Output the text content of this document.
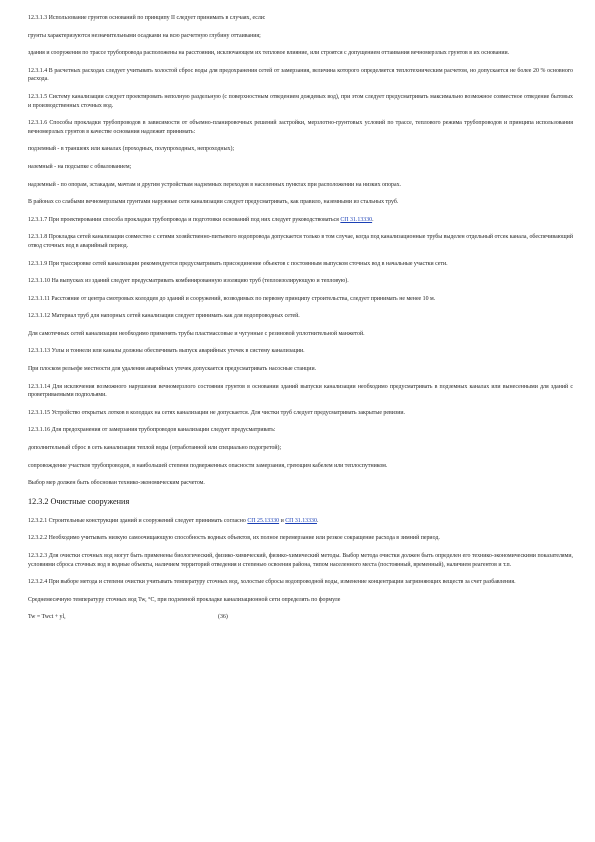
12.3.1.3 Использование грунтов оснований по принципу II следует принимать в случаях, если:
грунты характеризуются незначительными осадками на всю расчетную глубину оттаивания;
здания и сооружения по трассе трубопровода расположены на расстоянии, исключающем их тепловое влияние, или строятся с допущением оттаивания вечномерзлых грунтов в их основании.
12.3.1.4 В расчетных расходах следует учитывать холостой сброс воды для предохранения сетей от замерзания, величина которого определяется теплотехническим расчетом, но допускается не более 20 % основного расхода.
12.3.1.5 Систему канализации следует проектировать неполную раздельную (с поверхностным отведением дождевых вод), при этом следует предусматривать максимально возможное совместное отведение бытовых и производственных сточных вод.
12.3.1.6 Способы прокладки трубопроводов в зависимости от объемно-планировочных решений застройки, мерзлотно-грунтовых условий по трассе, теплового режима трубопроводов и принципа использования вечномерзлых грунтов в качестве основания надлежит принимать:
подземный - в траншеях или каналах (проходных, полупроходных, непроходных);
наземный - на подсыпке с обвалованием;
надземный - по опорам, эстакадам, мачтам и другим устройствам надземных переходов в населенных пунктах при расположении на низких опорах.
В районах со слабыми вечномерзлыми грунтами наружные сети канализации следует предусматривать, как правило, наземными из стальных труб.
12.3.1.7 При проектировании способа прокладки трубопровода и подготовки оснований под них следует руководствоваться СП 31.13330.
12.3.1.8 Прокладка сетей канализации совместно с сетями хозяйственно-питьевого водопровода допускается только в том случае, когда под канализационные трубы выделен отдельный отсек канала, обеспечивающий отвод сточных вод в аварийный период.
12.3.1.9 При трассировке сетей канализации рекомендуется предусматривать присоединение объектов с постоянным выпуском сточных вод в начальные участки сети.
12.3.1.10 На выпусках из зданий следует предусматривать комбинированную изоляцию труб (теплоизолирующую и тепловую).
12.3.1.11 Расстояние от центра смотровых колодцев до зданий и сооружений, возводимых по первому принципу строительства, следует принимать не менее 10 м.
12.3.1.12 Материал труб для напорных сетей канализации следует принимать как для водопроводных сетей.
Для самотечных сетей канализации необходимо применять трубы пластмассовые и чугунные с резиновой уплотнительной манжетой.
12.3.1.13 Узлы и тоннели или каналы должны обеспечивать выпуск аварийных утечек в систему канализации.
При плоском рельефе местности для удаления аварийных утечек допускается предусматривать насосные станции.
12.3.1.14 Для исключения возможного нарушения вечномерзлого состояния грунтов в основании зданий выпуски канализации необходимо предусматривать в подземных каналах или вынесенными для зданий с проветриваемыми подпольями.
12.3.1.15 Устройство открытых лотков в колодцах на сетях канализации не допускается. Для чистки труб следует предусматривать закрытые ревизии.
12.3.1.16 Для предохранения от замерзания трубопроводов канализации следует предусматривать:
дополнительный сброс в сеть канализации теплой воды (отработанной или специально подогретой);
сопровождение участков трубопроводов, в наибольшей степени подверженных опасности замерзания, греющим кабелем или теплоспутником.
Выбор мер должен быть обоснован технико-экономическим расчетом.
12.3.2 Очистные сооружения
12.3.2.1 Строительные конструкции зданий и сооружений следует принимать согласно СП 25.13330 и СП 31.13330.
12.3.2.2 Необходимо учитывать низкую самоочищающую способность водных объектов, их полное перемерзание или резкое сокращение расхода в зимний период.
12.3.2.3 Для очистки сточных вод могут быть применены биологический, физико-химический, физико-химический методы. Выбор метода очистки должен быть определен его технико-экономическими показателями, условиями сброса сточных вод в водные объекты, наличием территорий отведения и степенью освоения района, типом населенного места (постоянный, временный), наличием реагентов и т.п.
12.3.2.4 При выборе метода и степени очистки учитывать температуру сточных вод, холостые сбросы водопроводной воды, изменение концентрации загрязняющих веществ за счет разбавления.
Среднемесячную температуру сточных вод Tw, °С, при подземной прокладке канализационной сети определять по формуле
Tw = Twct + yl,	(36)
